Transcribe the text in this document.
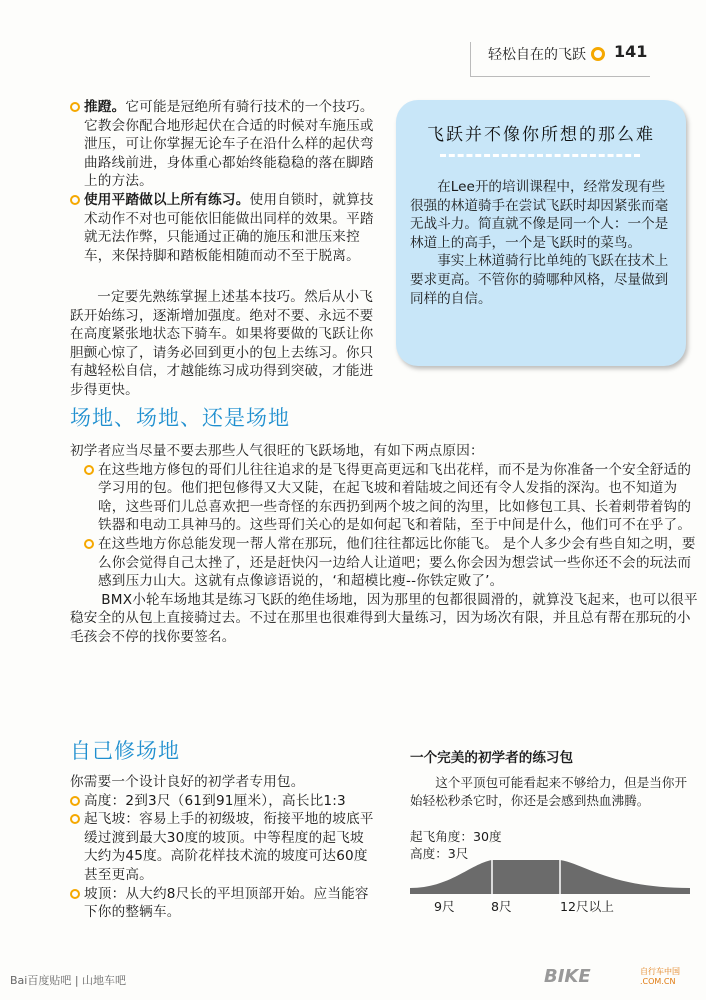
轻松自在的飞跃 141
推蹬。它可能是冠绝所有骑行技术的一个技巧。它教会你配合地形起伏在合适的时候对车施压或泄压，可让你掌握无论车子在沿什么样的起伏弯曲路线前进，身体重心都始终能稳稳的落在脚踏上的方法。
使用平踏做以上所有练习。使用自锁时，就算技术动作不对也可能依旧能做出同样的效果。平踏就无法作弊，只能通过正确的施压和泄压来控车，来保持脚和踏板能相随而动不至于脱离。

一定要先熟练掌握上述基本技巧。然后从小飞跃开始练习，逐渐增加强度。绝对不要、永远不要在高度紧张地状态下骑车。如果将要做的飞跃让你胆颤心惊了，请务必回到更小的包上去练习。你只有越轻松自信，才越能练习成功得到突破，才能进步得更快。

飞跃并不像你所想的那么难

在Lee开的培训课程中，经常发现有些很强的林道骑手在尝试飞跃时却因紧张而毫无战斗力。简直就不像是同一个人：一个是林道上的高手，一个是飞跃时的菜鸟。

事实上林道骑行比单纯的飞跃在技术上要求更高。不管你的骑哪种风格，尽量做到同样的自信。

场地、场地、还是场地

初学者应当尽量不要去那些人气很旺的飞跃场地，有如下两点原因：

在这些地方修包的哥们儿往往追求的是飞得更高更远和飞出花样，而不是为你准备一个安全舒适的学习用的包。他们把包修得又大又陡，在起飞坡和着陆坡之间还有令人发指的深沟。也不知道为啥，这些哥们儿总喜欢把一些奇怪的东西扔到两个坡之间的沟里，比如修包工具、长着刺带着钩的铁器和电动工具神马的。这些哥们关心的是如何起飞和着陆，至于中间是什么，他们可不在乎了。
在这些地方你总能发现一帮人常在那玩，他们往往都远比你能飞。 是个人多少会有些自知之明，要么你会觉得自己太挫了，还是赶快闪一边给人让道吧；要么你会因为想尝试一些你还不会的玩法而感到压力山大。这就有点像谚语说的，‘和超模比瘦--你铁定败了’。

BMX小轮车场地其是练习飞跃的绝佳场地，因为那里的包都很圆滑的，就算没飞起来，也可以很平稳安全的从包上直接骑过去。不过在那里也很难得到大量练习，因为场次有限，并且总有帮在那玩的小毛孩会不停的找你要签名。

自己修场地

你需要一个设计良好的初学者专用包。

高度：2到3尺（61到91厘米），高长比1:3
起飞坡：容易上手的初级坡，衔接平地的坡底平缓过渡到最大30度的坡顶。中等程度的起飞坡大约为45度。高阶花样技术流的坡度可达60度甚至更高。
坡顶：从大约8尺长的平坦顶部开始。应当能容下你的整辆车。
一个完美的初学者的练习包

这个平顶包可能看起来不够给力，但是当你开始轻松秒杀它时，你还是会感到热血沸腾。

起飞角度：30度
高度：3尺
9尺	8尺	12尺以上
Bai百度贴吧 | 山地车吧	BIKE	自行车中国 .COM.CN
